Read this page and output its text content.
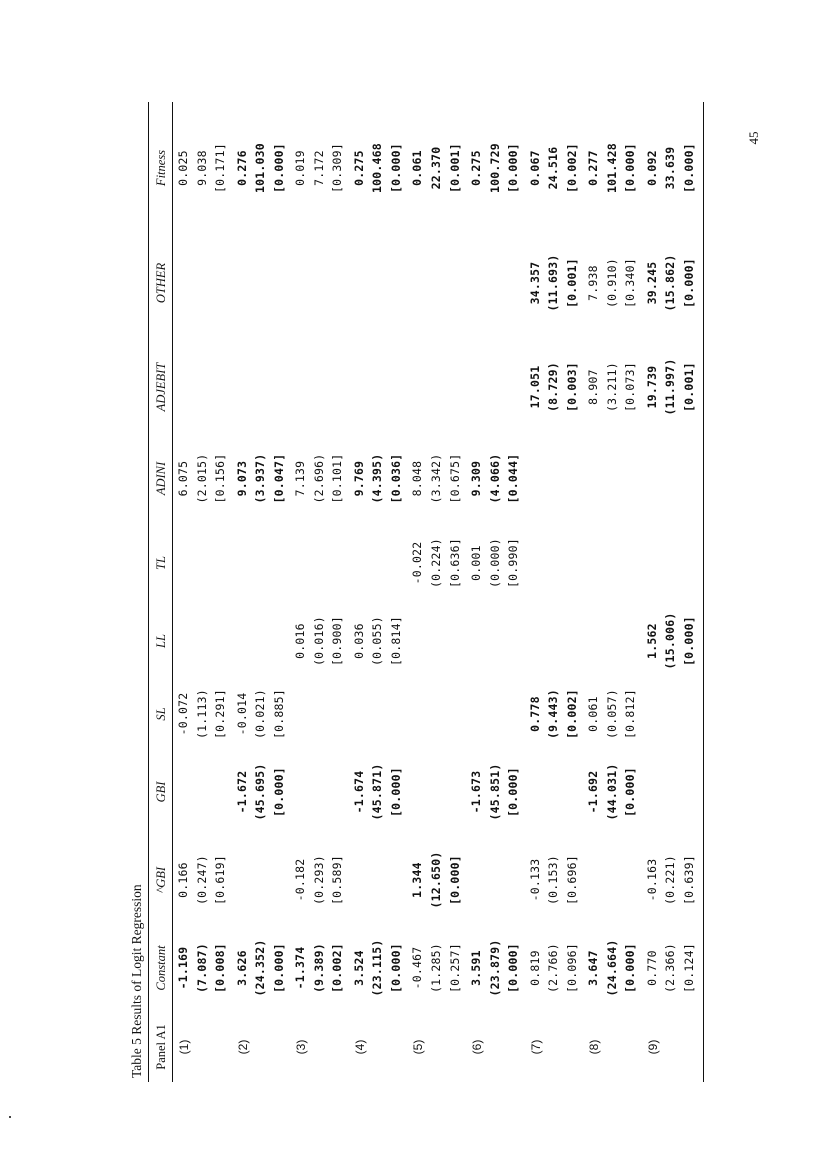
45
Table 5 Results of Logit Regression Panel A1
Constant
^GBI
GBI
SL
LL
TL
ADINI
ADJEBIT
OTHER
Fitness
(1)
-1.169 (7.087) [0.008]
0.166 (0.247) [0.619]
-0.072 (1.113) [0.291]
6.075 (2.015) [0.156]
0.025 9.038 [0.171]
(2)
3.626 (24.352) [0.000]
-1.672 (45.695) [0.000]
-0.014 (0.021) [0.885]
9.073 (3.937) [0.047]
0.276 101.030 [0.000]
(3)
-1.374 (9.389) [0.002]
-0.182 (0.293) [0.589]
0.016 (0.016) [0.900]
7.139 (2.696) [0.101]
0.019 7.172 [0.309]
(4)
3.524 (23.115) [0.000]
-1.674 (45.871) [0.000]
0.036 (0.055) [0.814]
9.769 (4.395) [0.036]
0.275 100.468 [0.000]
(5)
-0.467 (1.285) [0.257]
1.344 (12.650) [0.000]
-0.022 (0.224) [0.636]
8.048 (3.342) [0.675]
0.061 22.370 [0.001]
(6)
3.591 (23.879) [0.000]
-1.673 (45.851) [0.000]
0.001 (0.000) [0.990]
9.309 (4.066) [0.044]
0.275 100.729 [0.000]
(7)
0.819 (2.766) [0.096]
-0.133 (0.153) [0.696]
0.778 (9.443) [0.002]
17.051 (8.729) [0.003]
34.357 (11.693) [0.001]
0.067 24.516 [0.002]
(8)
3.647 (24.664) [0.000]
-1.692 (44.031) [0.000]
0.061 (0.057) [0.812]
8.907 (3.211) [0.073]
7.938 (0.910) [0.340]
0.277 101.428 [0.000]
(9)
0.770 (2.366) [0.124]
-0.163 (0.221) [0.639]
1.562 (15.006) [0.000]
19.739 (11.997) [0.001]
39.245 (15.862) [0.000]
0.092 33.639 [0.000]
